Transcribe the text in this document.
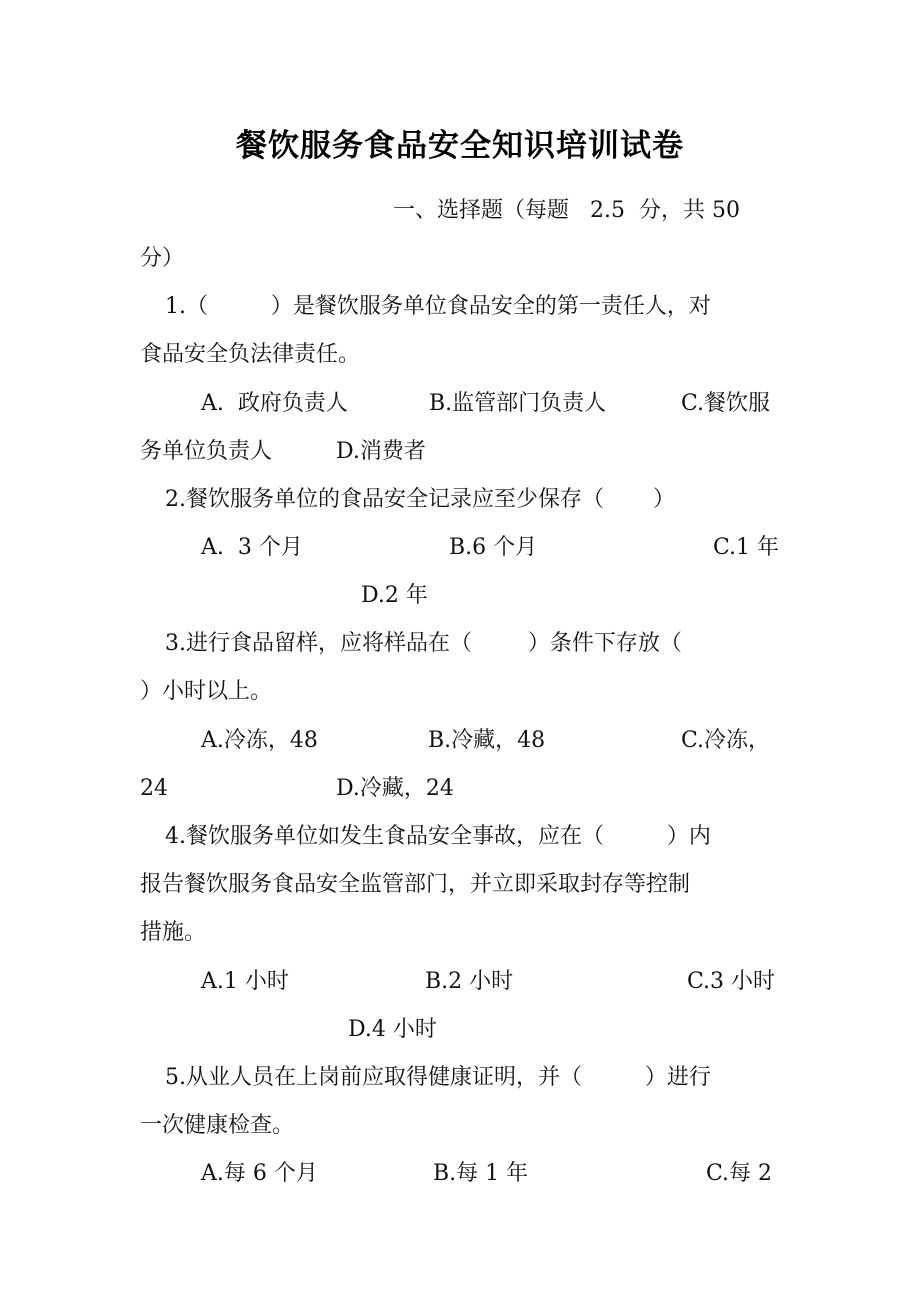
餐饮服务食品安全知识培训试卷
一、选择题（每题   2.5  分，共 50
分）
1.（         ）是餐饮服务单位食品安全的第一责任人，对
食品安全负法律责任。
A.  政府负责人	B.监管部门负责人	C.餐饮服
务单位负责人	D.消费者
2.餐饮服务单位的食品安全记录应至少保存（       ）
A.  3 个月	B.6 个月	C.1 年
D.2 年
3.进行食品留样，应将样品在（        ）条件下存放（
）小时以上。
A.冷冻，48	B.冷藏，48	C.冷冻，
24	D.冷藏，24
4.餐饮服务单位如发生食品安全事故，应在（         ）内
报告餐饮服务食品安全监管部门，并立即采取封存等控制
措施。
A.1 小时	B.2 小时	C.3 小时
D.4 小时
5.从业人员在上岗前应取得健康证明，并（         ）进行
一次健康检查。
A.每 6 个月	B.每 1 年	C.每 2
